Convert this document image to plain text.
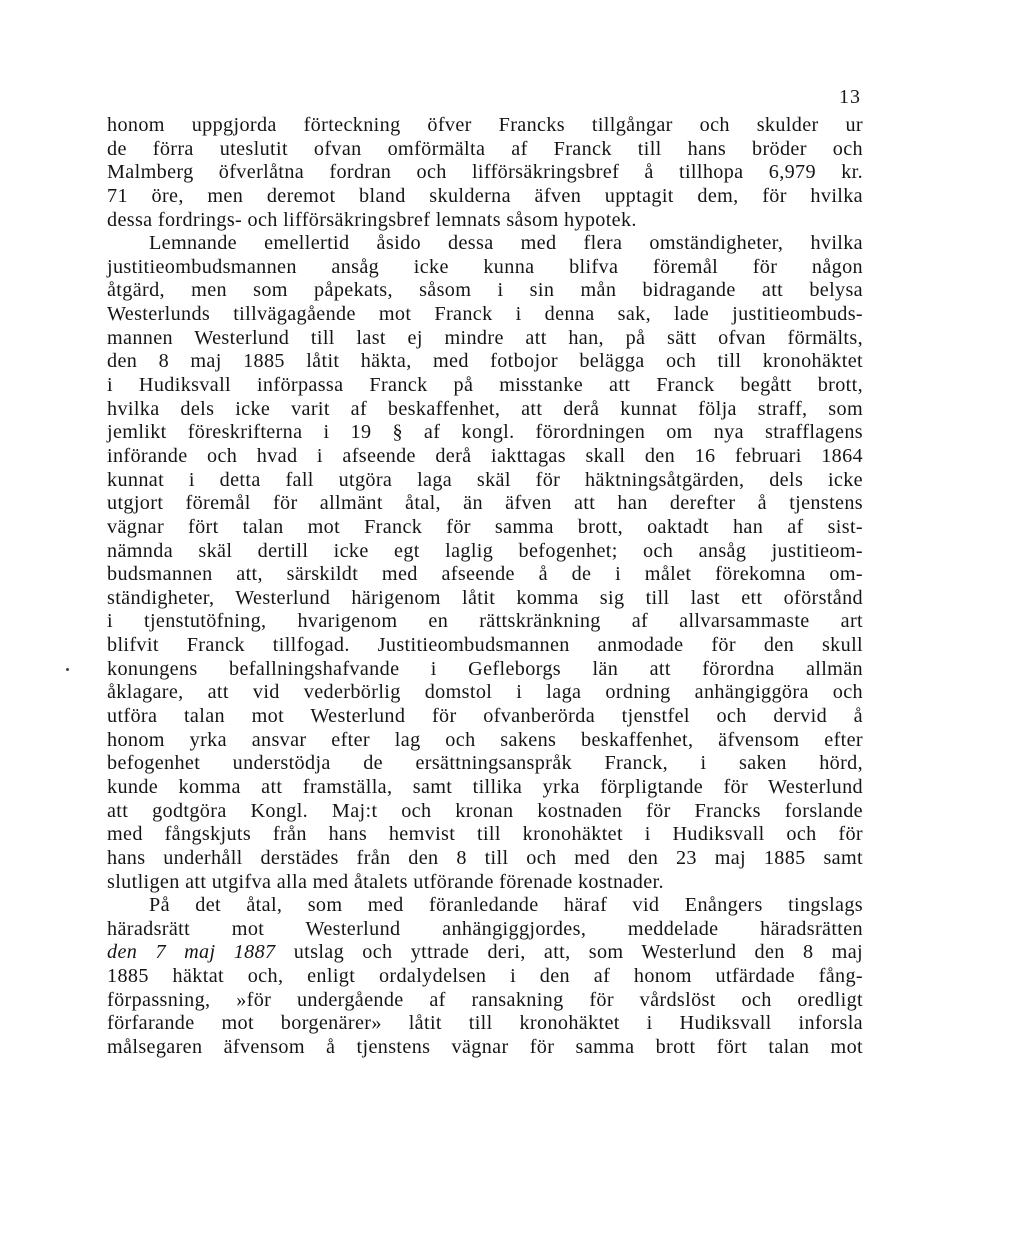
13
honom uppgjorda förteckning öfver Francks tillgångar och skulder ur
de förra uteslutit ofvan omförmälta af Franck till hans bröder och
Malmberg öfverlåtna fordran och lifförsäkringsbref å tillhopa 6,979 kr.
71 öre, men deremot bland skulderna äfven upptagit dem, för hvilka
dessa fordrings- och lifförsäkringsbref lemnats såsom hypotek.
Lemnande emellertid åsido dessa med flera omständigheter, hvilka
justitieombudsmannen ansåg icke kunna blifva föremål för någon
åtgärd, men som påpekats, såsom i sin mån bidragande att belysa
Westerlunds tillvägagående mot Franck i denna sak, lade justitieombuds-
mannen Westerlund till last ej mindre att han, på sätt ofvan förmälts,
den 8 maj 1885 låtit häkta, med fotbojor belägga och till kronohäktet
i Hudiksvall införpassa Franck på misstanke att Franck begått brott,
hvilka dels icke varit af beskaffenhet, att derå kunnat följa straff, som
jemlikt föreskrifterna i 19 § af kongl. förordningen om nya strafflagens
införande och hvad i afseende derå iakttagas skall den 16 februari 1864
kunnat i detta fall utgöra laga skäl för häktningsåtgärden, dels icke
utgjort föremål för allmänt åtal, än äfven att han derefter å tjenstens
vägnar fört talan mot Franck för samma brott, oaktadt han af sist-
nämnda skäl dertill icke egt laglig befogenhet; och ansåg justitieom-
budsmannen att, särskildt med afseende å de i målet förekomna om-
ständigheter, Westerlund härigenom låtit komma sig till last ett oförstånd
i tjenstutöfning, hvarigenom en rättskränkning af allvarsammaste art
blifvit Franck tillfogad. Justitieombudsmannen anmodade för den skull
konungens befallningshafvande i Gefleborgs län att förordna allmän
åklagare, att vid vederbörlig domstol i laga ordning anhängiggöra och
utföra talan mot Westerlund för ofvanberörda tjenstfel och dervid å
honom yrka ansvar efter lag och sakens beskaffenhet, äfvensom efter
befogenhet understödja de ersättningsanspråk Franck, i saken hörd,
kunde komma att framställa, samt tillika yrka förpligtande för Westerlund
att godtgöra Kongl. Maj:t och kronan kostnaden för Francks forslande
med fångskjuts från hans hemvist till kronohäktet i Hudiksvall och för
hans underhåll derstädes från den 8 till och med den 23 maj 1885 samt
slutligen att utgifva alla med åtalets utförande förenade kostnader.
På det åtal, som med föranledande häraf vid Enångers tingslags
häradsrätt mot Westerlund anhängiggjordes, meddelade häradsrätten
den 7 maj 1887 utslag och yttrade deri, att, som Westerlund den 8 maj
1885 häktat och, enligt ordalydelsen i den af honom utfärdade fång-
förpassning, »för undergående af ransakning för vårdslöst och oredligt
förfarande mot borgenärer» låtit till kronohäktet i Hudiksvall inforsla
målsegaren äfvensom å tjenstens vägnar för samma brott fört talan mot
